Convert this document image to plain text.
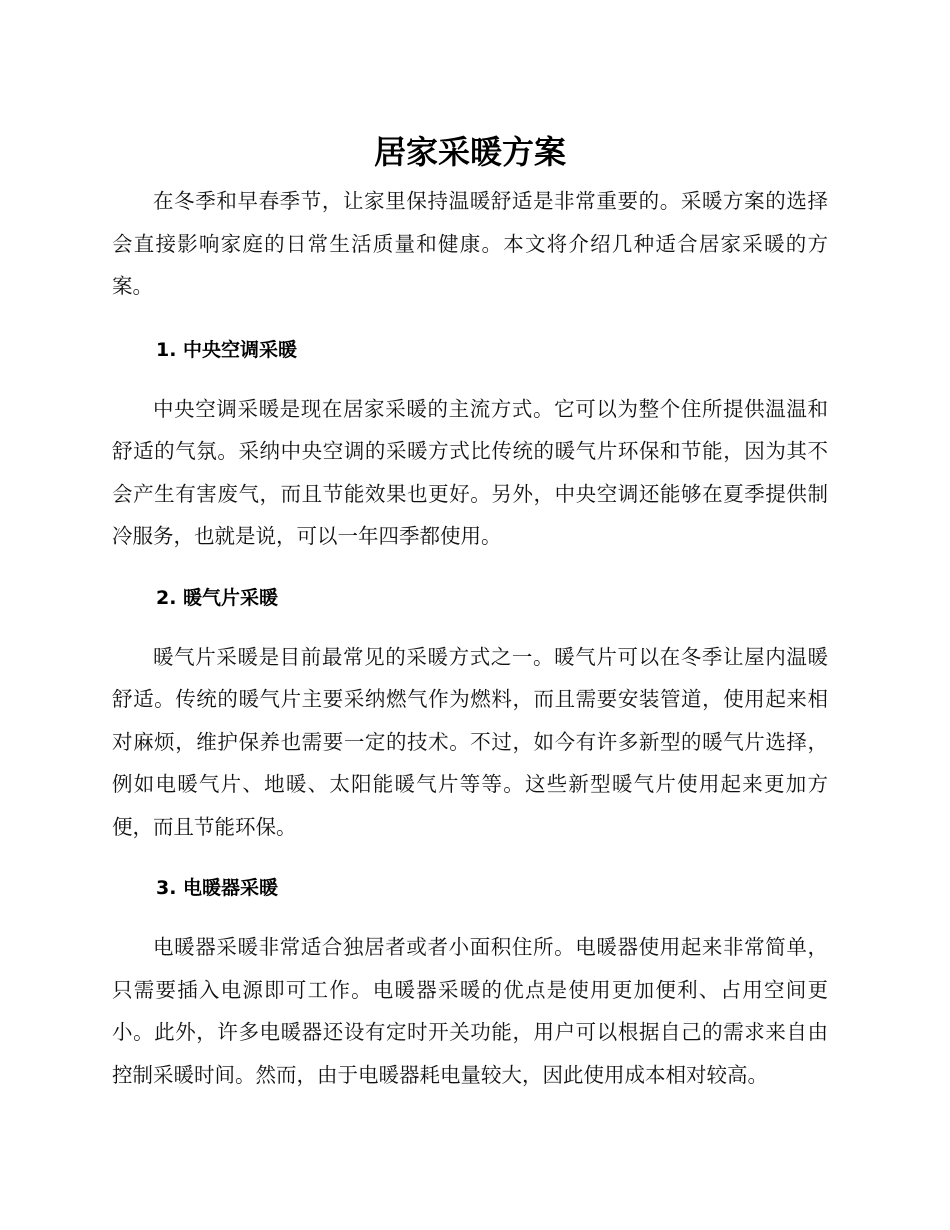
居家采暖方案

在冬季和早春季节，让家里保持温暖舒适是非常重要的。采暖方案的选择会直接影响家庭的日常生活质量和健康。本文将介绍几种适合居家采暖的方案。

1. 中央空调采暖

中央空调采暖是现在居家采暖的主流方式。它可以为整个住所提供温温和舒适的气氛。采纳中央空调的采暖方式比传统的暖气片环保和节能，因为其不会产生有害废气，而且节能效果也更好。另外，中央空调还能够在夏季提供制冷服务，也就是说，可以一年四季都使用。

2. 暖气片采暖

暖气片采暖是目前最常见的采暖方式之一。暖气片可以在冬季让屋内温暖舒适。传统的暖气片主要采纳燃气作为燃料，而且需要安装管道，使用起来相对麻烦，维护保养也需要一定的技术。不过，如今有许多新型的暖气片选择，例如电暖气片、地暖、太阳能暖气片等等。这些新型暖气片使用起来更加方便，而且节能环保。

3. 电暖器采暖

电暖器采暖非常适合独居者或者小面积住所。电暖器使用起来非常简单，只需要插入电源即可工作。电暖器采暖的优点是使用更加便利、占用空间更小。此外，许多电暖器还设有定时开关功能，用户可以根据自己的需求来自由控制采暖时间。然而，由于电暖器耗电量较大，因此使用成本相对较高。
